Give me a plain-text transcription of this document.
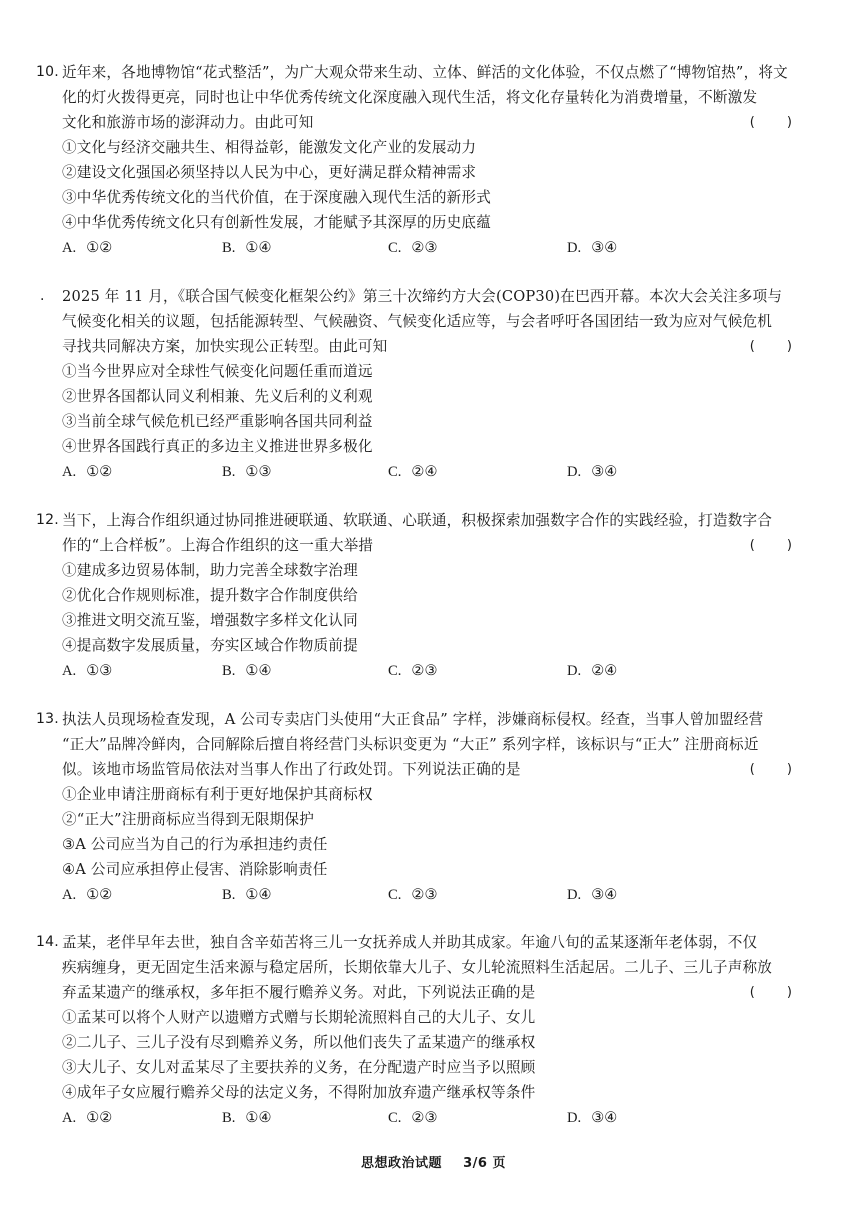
10. 近年来，各地博物馆“花式整活”，为广大观众带来生动、立体、鲜活的文化体验，不仅点燃了“博物馆热”，将文
化的灯火拨得更亮，同时也让中华优秀传统文化深度融入现代生活，将文化存量转化为消费增量，不断激发
文化和旅游市场的澎湃动力。由此可知	( )
①文化与经济交融共生、相得益彰，能激发文化产业的发展动力
②建设文化强国必须坚持以人民为中心，更好满足群众精神需求
③中华优秀传统文化的当代价值，在于深度融入现代生活的新形式
④中华优秀传统文化只有创新性发展，才能赋予其深厚的历史底蕴
A. ①②	B. ①④	C. ②③	D. ③④
. 2025 年 11 月，《联合国气候变化框架公约》第三十次缔约方大会(COP30)在巴西开幕。本次大会关注多项与
气候变化相关的议题，包括能源转型、气候融资、气候变化适应等，与会者呼吁各国团结一致为应对气候危机
寻找共同解决方案，加快实现公正转型。由此可知	( )
①当今世界应对全球性气候变化问题任重而道远
②世界各国都认同义利相兼、先义后利的义利观
③当前全球气候危机已经严重影响各国共同利益
④世界各国践行真正的多边主义推进世界多极化
A. ①②	B. ①③	C. ②④	D. ③④
12. 当下，上海合作组织通过协同推进硬联通、软联通、心联通，积极探索加强数字合作的实践经验，打造数字合
作的“上合样板”。上海合作组织的这一重大举措	( )
①建成多边贸易体制，助力完善全球数字治理
②优化合作规则标准，提升数字合作制度供给
③推进文明交流互鉴，增强数字多样文化认同
④提高数字发展质量，夯实区域合作物质前提
A. ①③	B. ①④	C. ②③	D. ②④
13. 执法人员现场检查发现，A 公司专卖店门头使用“大正食品” 字样，涉嫌商标侵权。经查，当事人曾加盟经营
“正大”品牌冷鲜肉，合同解除后擅自将经营门头标识变更为 “大正” 系列字样，该标识与“正大” 注册商标近
似。该地市场监管局依法对当事人作出了行政处罚。下列说法正确的是	( )
①企业申请注册商标有利于更好地保护其商标权
②“正大”注册商标应当得到无限期保护
③A 公司应当为自己的行为承担违约责任
④A 公司应承担停止侵害、消除影响责任
A. ①②	B. ①④	C. ②③	D. ③④
14. 孟某，老伴早年去世，独自含辛茹苦将三儿一女抚养成人并助其成家。年逾八旬的孟某逐渐年老体弱，不仅
疾病缠身，更无固定生活来源与稳定居所，长期依靠大儿子、女儿轮流照料生活起居。二儿子、三儿子声称放
弃孟某遗产的继承权，多年拒不履行赡养义务。对此，下列说法正确的是	( )
①孟某可以将个人财产以遗赠方式赠与长期轮流照料自己的大儿子、女儿
②二儿子、三儿子没有尽到赡养义务，所以他们丧失了孟某遗产的继承权
③大儿子、女儿对孟某尽了主要扶养的义务，在分配遗产时应当予以照顾
④成年子女应履行赡养父母的法定义务，不得附加放弃遗产继承权等条件
A. ①②	B. ①④	C. ②③	D. ③④
思想政治试题 3/6 页
